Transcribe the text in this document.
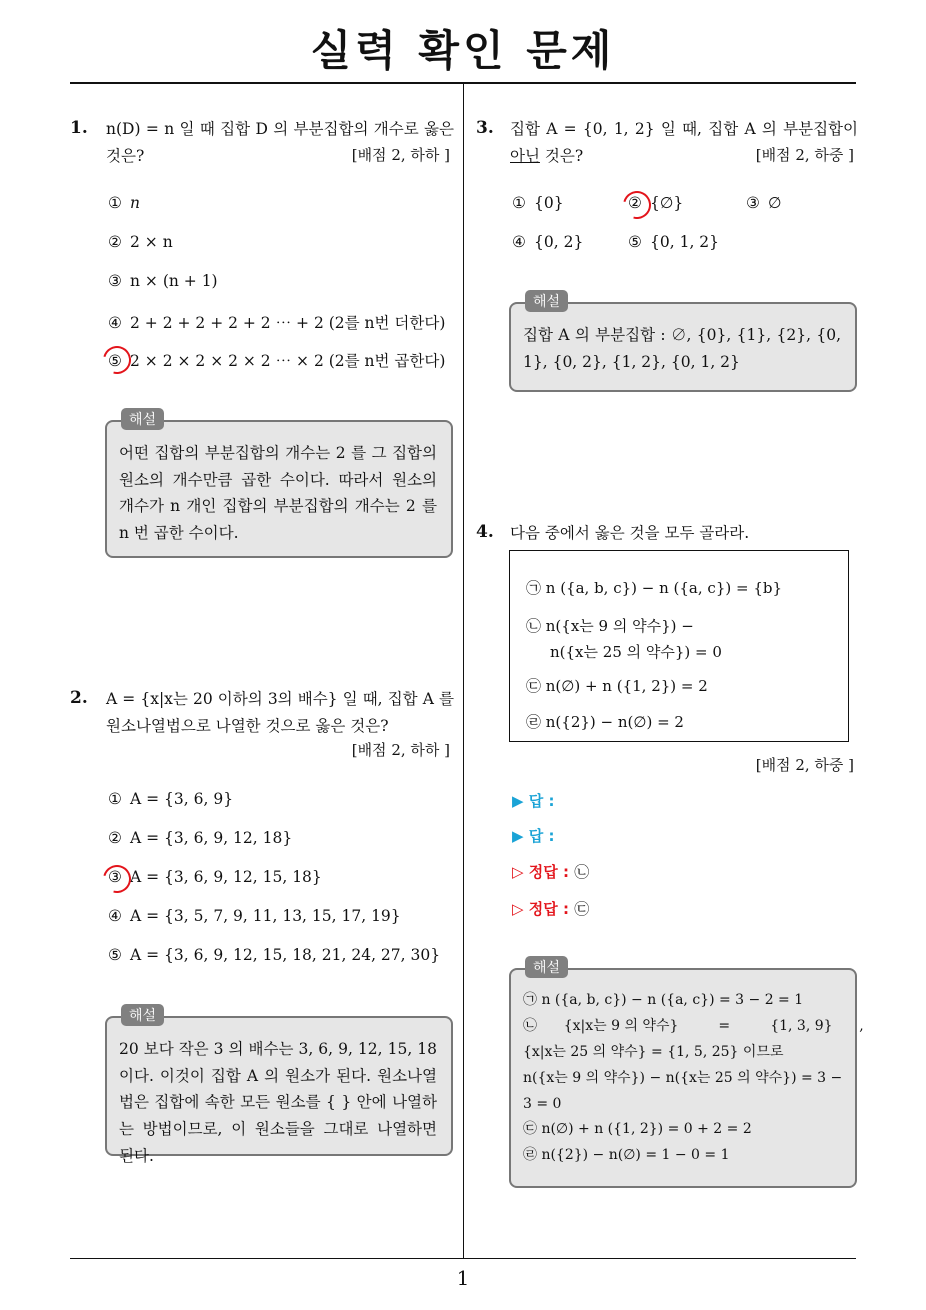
실력 확인 문제
1
1. n(D) = n 일 때 집합 D 의 부분집합의 개수로 옳은 것은?	[배점 2, 하하 ]
① n
② 2 × n
③ n × (n + 1)
④ 2 + 2 + 2 + 2 + 2 ⋯ + 2 (2를 n번 더한다)
⑤ 2 × 2 × 2 × 2 × 2 ⋯ × 2 (2를 n번 곱한다)
해설
어떤 집합의 부분집합의 개수는 2 를 그 집합의 원소의 개수만큼 곱한 수이다. 따라서 원소의 개수가 n 개인 집합의 부분집합의 개수는 2 를 n 번 곱한 수이다.
2. A = {x|x는 20 이하의 3의 배수} 일 때, 집합 A 를 원소나열법으로 나열한 것으로 옳은 것은?
[배점 2, 하하 ]
① A = {3, 6, 9}
② A = {3, 6, 9, 12, 18}
③ A = {3, 6, 9, 12, 15, 18}
④ A = {3, 5, 7, 9, 11, 13, 15, 17, 19}
⑤ A = {3, 6, 9, 12, 15, 18, 21, 24, 27, 30}
해설
20 보다 작은 3 의 배수는 3, 6, 9, 12, 15, 18 이다. 이것이 집합 A 의 원소가 된다. 원소나열법은 집합에 속한 모든 원소를 { } 안에 나열하는 방법이므로, 이 원소들을 그대로 나열하면 된다.
3. 집합 A = {0, 1, 2} 일 때, 집합 A 의 부분집합이 아닌 것은?	[배점 2, 하중 ]
① {0}	② {∅}	③ ∅
④ {0, 2}	⑤ {0, 1, 2}
해설
집합 A 의 부분집합 : ∅, {0}, {1}, {2}, {0, 1}, {0, 2}, {1, 2}, {0, 1, 2}
4. 다음 중에서 옳은 것을 모두 골라라.
㉠ n ({a, b, c}) − n ({a, c}) = {b}
㉡ n({x는 9 의 약수}) −
n({x는 25 의 약수}) = 0
㉢ n(∅) + n ({1, 2}) = 2
㉣ n({2}) − n(∅) = 2
[배점 2, 하중 ]
▶ 답 :
▶ 답 :
▷ 정답 : ㉡
▷ 정답 : ㉢
해설
㉠ n ({a, b, c}) − n ({a, c}) = 3 − 2 = 1
㉡      {x|x는 9 의 약수}         =         {1, 3, 9}      ,
{x|x는 25 의 약수} = {1, 5, 25} 이므로
n({x는 9 의 약수}) − n({x는 25 의 약수}) = 3 −
3 = 0
㉢ n(∅) + n ({1, 2}) = 0 + 2 = 2
㉣ n({2}) − n(∅) = 1 − 0 = 1
